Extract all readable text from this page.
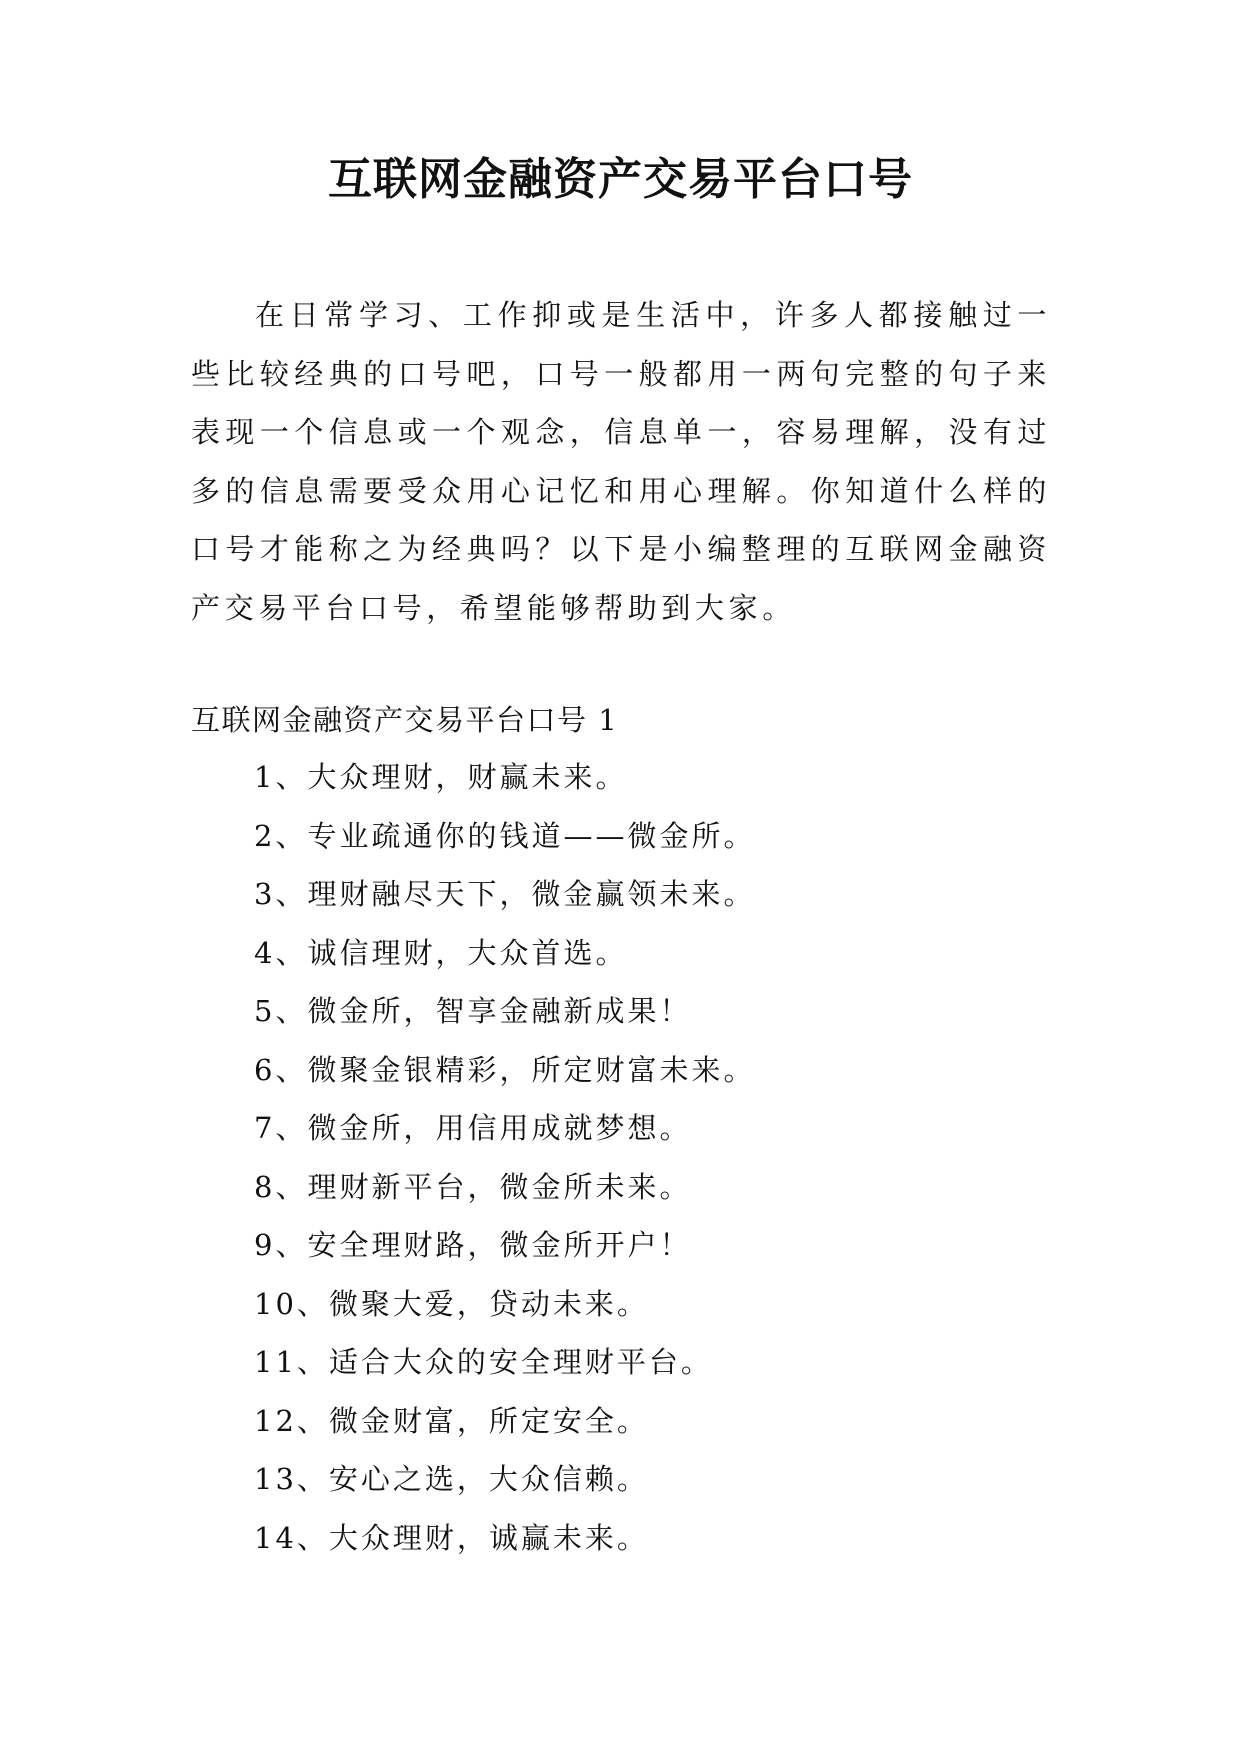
互联网金融资产交易平台口号

在日常学习、工作抑或是生活中，许多人都接触过一些比较经典的口号吧，口号一般都用一两句完整的句子来表现一个信息或一个观念，信息单一，容易理解，没有过多的信息需要受众用心记忆和用心理解。你知道什么样的口号才能称之为经典吗？以下是小编整理的互联网金融资产交易平台口号，希望能够帮助到大家。

互联网金融资产交易平台口号 1

1、大众理财，财赢未来。
2、专业疏通你的钱道——微金所。
3、理财融尽天下，微金赢领未来。
4、诚信理财，大众首选。
5、微金所，智享金融新成果！
6、微聚金银精彩，所定财富未来。
7、微金所，用信用成就梦想。
8、理财新平台，微金所未来。
9、安全理财路，微金所开户！
10、微聚大爱，贷动未来。
11、适合大众的安全理财平台。
12、微金财富，所定安全。
13、安心之选，大众信赖。
14、大众理财，诚赢未来。
